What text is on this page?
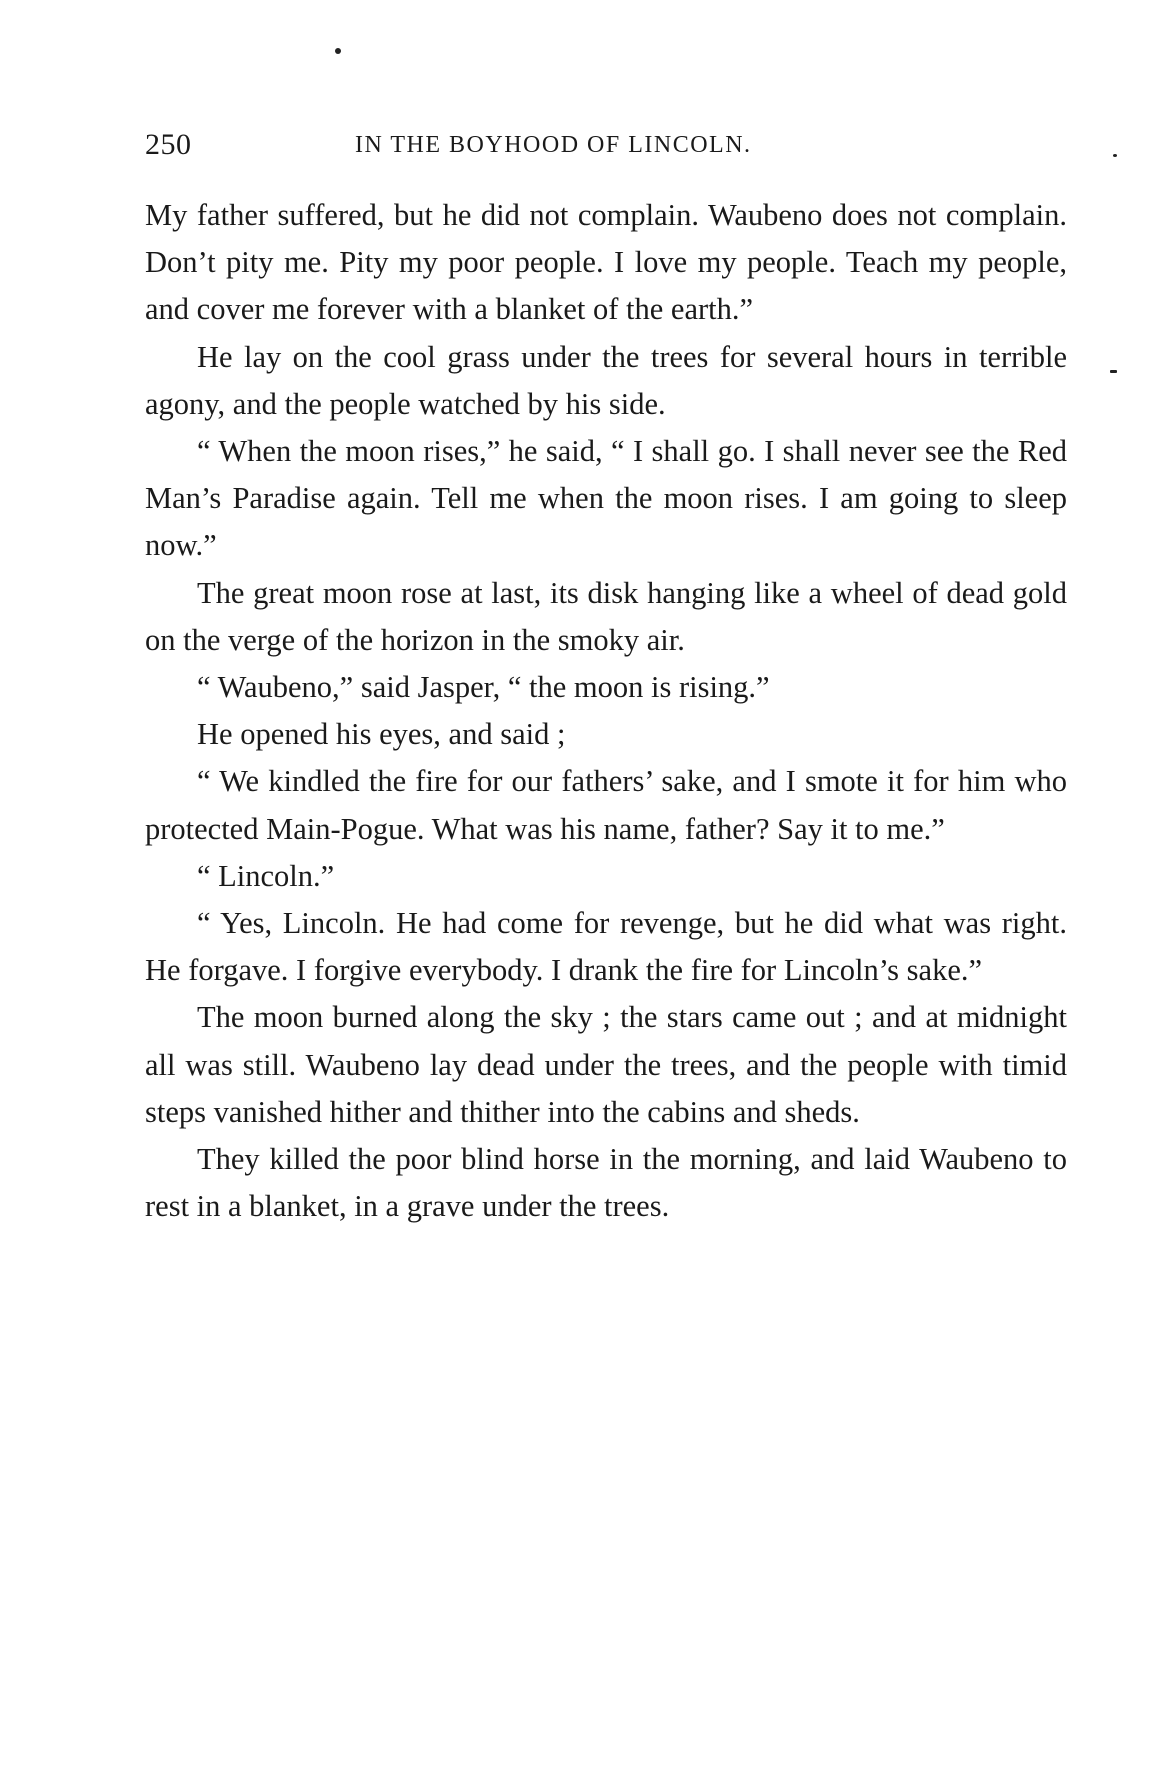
250	IN THE BOYHOOD OF LINCOLN.

My father suffered, but he did not complain. Waubeno does not complain. Don’t pity me. Pity my poor people. I love my people. Teach my people, and cover me forever with a blanket of the earth.”

He lay on the cool grass under the trees for several hours in terrible agony, and the people watched by his side.

“ When the moon rises,” he said, “ I shall go. I shall never see the Red Man’s Paradise again. Tell me when the moon rises. I am going to sleep now.”

The great moon rose at last, its disk hanging like a wheel of dead gold on the verge of the horizon in the smoky air.

“ Waubeno,” said Jasper, “ the moon is rising.”

He opened his eyes, and said ;

“ We kindled the fire for our fathers’ sake, and I smote it for him who protected Main-Pogue. What was his name, father? Say it to me.”

“ Lincoln.”

“ Yes, Lincoln. He had come for revenge, but he did what was right. He forgave. I forgive everybody. I drank the fire for Lincoln’s sake.”

The moon burned along the sky ; the stars came out ; and at midnight all was still. Waubeno lay dead under the trees, and the people with timid steps vanished hither and thither into the cabins and sheds.

They killed the poor blind horse in the morning, and laid Waubeno to rest in a blanket, in a grave under the trees.
